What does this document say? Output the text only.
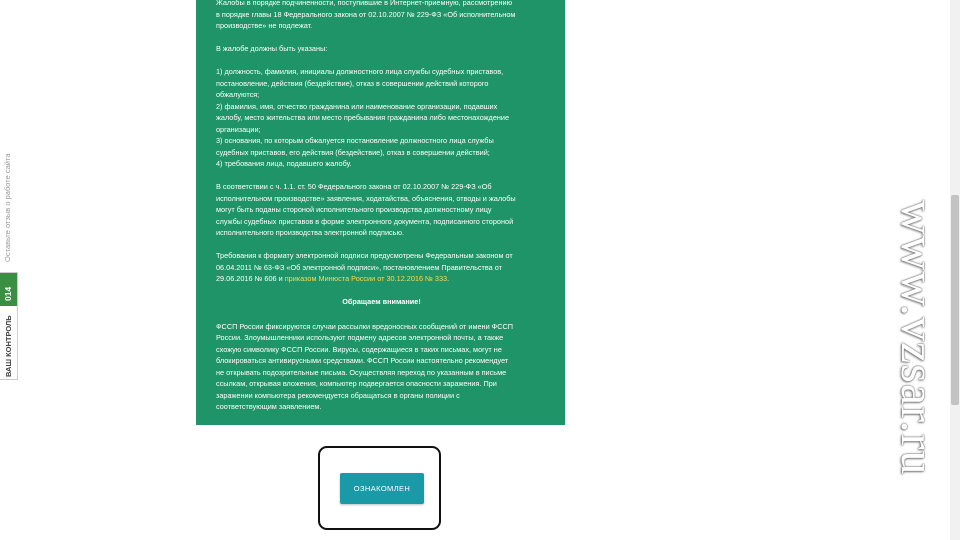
Жалобы в порядке подчиненности, поступившие в Интернет-приемную, рассмотрению
в порядке главы 18 Федерального закона от 02.10.2007 № 229-ФЗ «Об исполнительном
производстве» не подлежат.

В жалобе должны быть указаны:

1) должность, фамилия, инициалы должностного лица службы судебных приставов,
постановление, действия (бездействие), отказ в совершении действий которого
обжалуются;
2) фамилия, имя, отчество гражданина или наименование организации, подавших
жалобу, место жительства или место пребывания гражданина либо местонахождение
организации;
3) основания, по которым обжалуется постановление должностного лица службы
судебных приставов, его действия (бездействие), отказ в совершении действий;
4) требования лица, подавшего жалобу.

В соответствии с ч. 1.1. ст. 50 Федерального закона от 02.10.2007 № 229-ФЗ «Об
исполнительном производстве» заявления, ходатайства, объяснения, отводы и жалобы
могут быть поданы стороной исполнительного производства должностному лицу
службы судебных приставов в форме электронного документа, подписанного стороной
исполнительного производства электронной подписью.

Требования к формату электронной подписи предусмотрены Федеральным законом от
06.04.2011 № 63-ФЗ «Об электронной подписи», постановлением Правительства от
29.06.2016 № 606 и приказом Минюста России от 30.12.2016 № 333.

Обращаем внимание!

ФССП России фиксируются случаи рассылки вредоносных сообщений от имени ФССП
России. Злоумышленники используют подмену адресов электронной почты, а также
схожую символику ФССП России. Вирусы, содержащиеся в таких письмах, могут не
блокироваться антивирусными средствами. ФССП России настоятельно рекомендует
не открывать подозрительные письма. Осуществляя переход по указанным в письме
ссылкам, открывая вложения, компьютер подвергается опасности заражения. При
заражении компьютера рекомендуется обращаться в органы полиции с
соответствующим заявлением.

ОЗНАКОМЛЕН
Оставьте отзыв о работе сайта
014
ВАШ КОНТРОЛЬ	www.vzsar.ru
